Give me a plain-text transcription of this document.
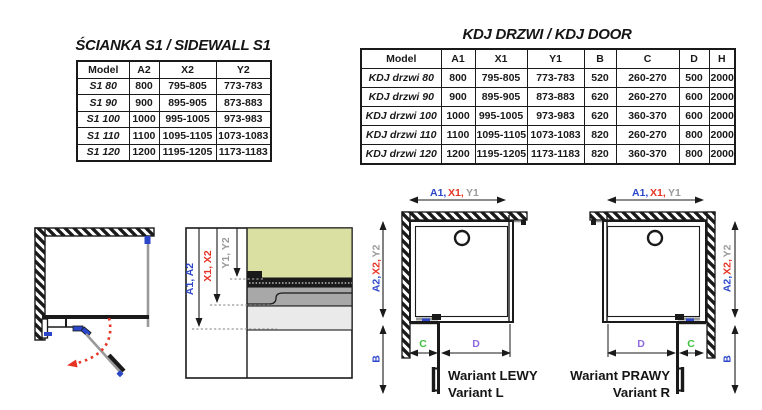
ŚCIANKA S1 / SIDEWALL S1
Model	A2	X2	Y2
S1 80	800	795-805	773-783
S1 90	900	895-905	873-883
S1 100	1000	995-1005	973-983
S1 110	1100	1095-1105	1073-1083
S1 120	1200	1195-1205	1173-1183
KDJ DRZWI / KDJ DOOR
Model	A1	X1	Y1	B	C	D	H
KDJ drzwi 80	800	795-805	773-783	520	260-270	500	2000
KDJ drzwi 90	900	895-905	873-883	620	260-270	600	2000
KDJ drzwi 100	1000	995-1005	973-983	620	360-370	600	2000
KDJ drzwi 110	1100	1095-1105	1073-1083	820	260-270	800	2000
KDJ drzwi 120	1200	1195-1205	1173-1183	820	360-370	800	2000
A1, A2 X1, X2 Y1, Y2
A1, X1, Y1
A2,
X2,
Y2
B
C	D
Wariant LEWY
Variant L
A1, X1, Y1
A2,
X2,
Y2
B
D	C
Wariant PRAWY
Variant R
